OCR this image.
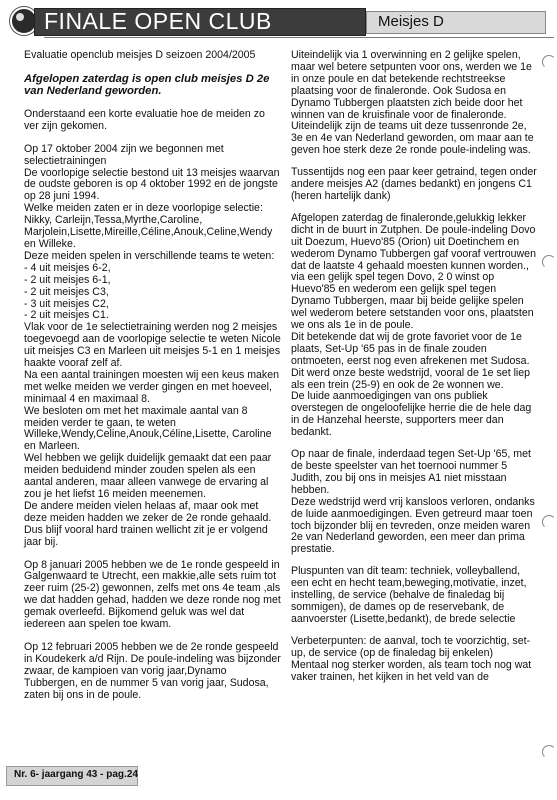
FINALE OPEN CLUB	Meisjes D

Evaluatie openclub meisjes D seizoen 2004/2005

Afgelopen zaterdag is open club meisjes D 2e van Nederland geworden.

Onderstaand een korte evaluatie hoe de meiden zo ver zijn gekomen.

Op 17 oktober 2004 zijn we begonnen met selectietrainingen
De voorlopige selectie bestond uit 13 meisjes waarvan de oudste geboren is op 4 oktober 1992 en de jongste op 28 juni 1994.
Welke meiden zaten er in deze voorlopige selectie: Nikky, Carleijn,Tessa,Myrthe,Caroline, Marjolein,Lisette,Mireille,Céline,Anouk,Celine,Wendy en Willeke.
Deze meiden spelen in verschillende teams te weten:
- 4 uit meisjes 6-2,
- 2 uit meisjes 6-1,
- 2 uit meisjes C3,
- 3 uit meisjes C2,
- 2 uit meisjes C1.
Vlak voor de 1e selectietraining werden nog 2 meisjes toegevoegd aan de voorlopige selectie te weten Nicole uit meisjes C3 en Marleen uit meisjes 5-1 en 1 meisjes haakte vooraf zelf af.
Na een aantal trainingen moesten wij een keus maken met welke meiden we verder gingen en met hoeveel, minimaal 4 en maximaal 8.
We besloten om met het maximale aantal van 8 meiden verder te gaan, te weten
Willeke,Wendy,Celine,Anouk,Céline,Lisette, Caroline en Marleen.
Wel hebben we gelijk duidelijk gemaakt dat een paar meiden beduidend minder zouden spelen als een aantal anderen, maar alleen vanwege de ervaring al zou je het liefst 16 meiden meenemen.
De andere meiden vielen helaas af, maar ook met deze meiden hadden we zeker de 2e ronde gehaald. Dus blijf vooral hard trainen wellicht zit je er volgend jaar bij.

Op 8 januari 2005 hebben we de 1e ronde gespeeld in Galgenwaard te Utrecht, een makkie,alle sets ruim tot zeer ruim (25-2) gewonnen, zelfs met ons 4e team ,als we dat hadden gehad, hadden we deze ronde nog met gemak overleefd. Bijkomend geluk was wel dat iedereen aan spelen toe kwam.

Op 12 februari 2005 hebben we de 2e ronde gespeeld in Koudekerk a/d Rijn. De poule-indeling was bijzonder zwaar, de kampioen van vorig jaar,Dynamo Tubbergen, en de nummer 5 van vorig jaar, Sudosa, zaten bij ons in de poule.

Uiteindelijk via 1 overwinning en 2 gelijke spelen, maar wel betere setpunten voor ons, werden we 1e in onze poule en dat betekende rechtstreekse plaatsing voor de finaleronde. Ook Sudosa en Dynamo Tubbergen plaatsten zich beide door het winnen van de kruisfinale voor de finaleronde.
Uiteindelijk zijn de teams uit deze tussenronde 2e, 3e en 4e van Nederland geworden, om maar aan te geven hoe sterk deze 2e ronde poule-indeling was.

Tussentijds nog een paar keer getraind, tegen onder andere meisjes A2 (dames bedankt) en jongens C1 (heren hartelijk dank)

Afgelopen zaterdag de finaleronde,gelukkig lekker dicht in de buurt in Zutphen. De poule-indeling Dovo uit Doezum, Huevo'85 (Orion) uit Doetinchem en wederom Dynamo Tubbergen gaf vooraf vertrouwen dat de laatste 4 gehaald moesten kunnen worden., via een gelijk spel tegen Dovo, 2 0 winst op Huevo'85 en wederom een gelijk spel tegen Dynamo Tubbergen, maar bij beide gelijke spelen wel wederom betere setstanden voor ons, plaatsten we ons als 1e in de poule.
Dit betekende dat wij de grote favoriet voor de 1e plaats, Set-Up '65 pas in de finale zouden ontmoeten, eerst nog even afrekenen met Sudosa.
Dit werd onze beste wedstrijd, vooral de 1e set liep als een trein (25-9) en ook de 2e wonnen we.
De luide aanmoedigingen van ons publiek overstegen de ongeloofelijke herrie die de hele dag in de Hanzehal heerste, supporters meer dan bedankt.

Op naar de finale, inderdaad tegen Set-Up '65, met de beste speelster van het toernooi nummer 5 Judith, zou bij ons in meisjes A1 niet misstaan hebben.
Deze wedstrijd werd vrij kansloos verloren, ondanks de luide aanmoedigingen. Even getreurd maar toen toch bijzonder blij en tevreden, onze meiden waren 2e van Nederland geworden, een meer dan prima prestatie.

Pluspunten van dit team: techniek, volleyballend, een echt en hecht team,beweging,motivatie, inzet, instelling, de service (behalve de finaledag bij sommigen), de dames op de reservebank, de aanvoerster (Lisette,bedankt), de brede selectie

Verbeterpunten: de aanval, toch te voorzichtig, set-up, de service (op de finaledag bij enkelen)
Mentaal nog sterker worden, als team toch nog wat vaker trainen, het kijken in het veld van de

Nr. 6- jaargang 43 - pag.24
